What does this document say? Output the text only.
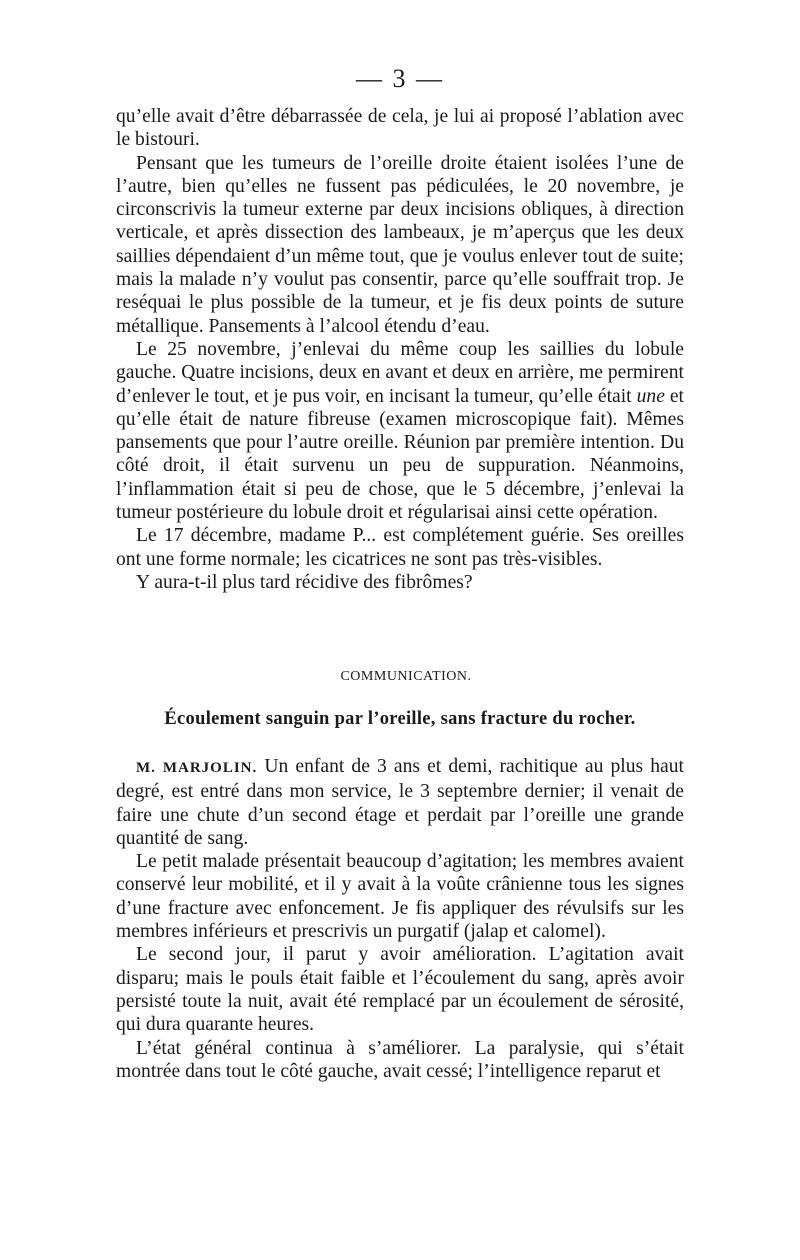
— 3 —

qu’elle avait d’être débarrassée de cela, je lui ai proposé l’ablation avec le bistouri.

Pensant que les tumeurs de l’oreille droite étaient isolées l’une de l’autre, bien qu’elles ne fussent pas pédiculées, le 20 novembre, je circonscrivis la tumeur externe par deux incisions obliques, à direction verticale, et après dissection des lambeaux, je m’aperçus que les deux saillies dépendaient d’un même tout, que je voulus enlever tout de suite; mais la malade n’y voulut pas consentir, parce qu’elle souffrait trop. Je reséquai le plus possible de la tumeur, et je fis deux points de suture métallique. Pansements à l’alcool étendu d’eau.

Le 25 novembre, j’enlevai du même coup les saillies du lobule gauche. Quatre incisions, deux en avant et deux en arrière, me permirent d’enlever le tout, et je pus voir, en incisant la tumeur, qu’elle était une et qu’elle était de nature fibreuse (examen microscopique fait). Mêmes pansements que pour l’autre oreille. Réunion par première intention. Du côté droit, il était survenu un peu de suppuration. Néanmoins, l’inflammation était si peu de chose, que le 5 décembre, j’enlevai la tumeur postérieure du lobule droit et régularisai ainsi cette opération.

Le 17 décembre, madame P... est complétement guérie. Ses oreilles ont une forme normale; les cicatrices ne sont pas très-visibles.

Y aura-t-il plus tard récidive des fibrômes?

COMMUNICATION.
Écoulement sanguin par l’oreille, sans fracture du rocher.

M. MARJOLIN. Un enfant de 3 ans et demi, rachitique au plus haut degré, est entré dans mon service, le 3 septembre dernier; il venait de faire une chute d’un second étage et perdait par l’oreille une grande quantité de sang.

Le petit malade présentait beaucoup d’agitation; les membres avaient conservé leur mobilité, et il y avait à la voûte crânienne tous les signes d’une fracture avec enfoncement. Je fis appliquer des révulsifs sur les membres inférieurs et prescrivis un purgatif (jalap et calomel).

Le second jour, il parut y avoir amélioration. L’agitation avait disparu; mais le pouls était faible et l’écoulement du sang, après avoir persisté toute la nuit, avait été remplacé par un écoulement de sérosité, qui dura quarante heures.

L’état général continua à s’améliorer. La paralysie, qui s’était montrée dans tout le côté gauche, avait cessé; l’intelligence reparut et
